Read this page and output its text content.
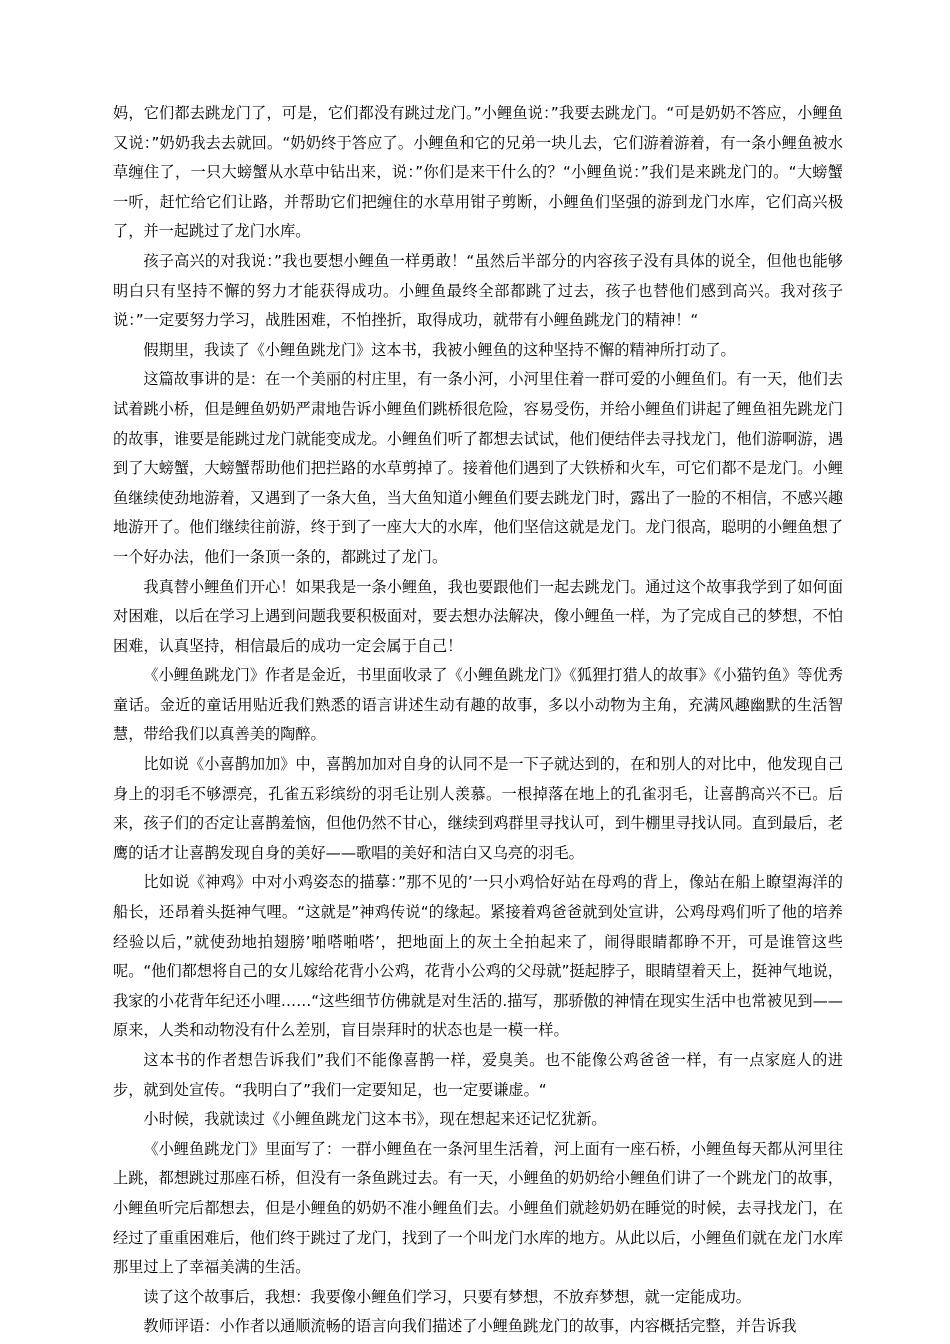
妈，它们都去跳龙门了，可是，它们都没有跳过龙门。”小鲤鱼说：”我要去跳龙门。“可是奶奶不答应，小鲤鱼又说：”奶奶我去去就回。“奶奶终于答应了。小鲤鱼和它的兄弟一块儿去，它们游着游着，有一条小鲤鱼被水草缠住了，一只大螃蟹从水草中钻出来，说：”你们是来干什么的？“小鲤鱼说：”我们是来跳龙门的。“大螃蟹一听，赶忙给它们让路，并帮助它们把缠住的水草用钳子剪断，小鲤鱼们坚强的游到龙门水库，它们高兴极了，并一起跳过了龙门水库。

孩子高兴的对我说：”我也要想小鲤鱼一样勇敢！“虽然后半部分的内容孩子没有具体的说全，但他也能够明白只有坚持不懈的努力才能获得成功。小鲤鱼最终全部都跳了过去，孩子也替他们感到高兴。我对孩子说：”一定要努力学习，战胜困难，不怕挫折，取得成功，就带有小鲤鱼跳龙门的精神！“

假期里，我读了《小鲤鱼跳龙门》这本书，我被小鲤鱼的这种坚持不懈的精神所打动了。

这篇故事讲的是：在一个美丽的村庄里，有一条小河，小河里住着一群可爱的小鲤鱼们。有一天，他们去试着跳小桥，但是鲤鱼奶奶严肃地告诉小鲤鱼们跳桥很危险，容易受伤，并给小鲤鱼们讲起了鲤鱼祖先跳龙门的故事，谁要是能跳过龙门就能变成龙。小鲤鱼们听了都想去试试，他们便结伴去寻找龙门，他们游啊游，遇到了大螃蟹，大螃蟹帮助他们把拦路的水草剪掉了。接着他们遇到了大铁桥和火车，可它们都不是龙门。小鲤鱼继续使劲地游着，又遇到了一条大鱼，当大鱼知道小鲤鱼们要去跳龙门时，露出了一脸的不相信，不感兴趣地游开了。他们继续往前游，终于到了一座大大的水库，他们坚信这就是龙门。龙门很高，聪明的小鲤鱼想了一个好办法，他们一条顶一条的，都跳过了龙门。

我真替小鲤鱼们开心！如果我是一条小鲤鱼，我也要跟他们一起去跳龙门。通过这个故事我学到了如何面对困难，以后在学习上遇到问题我要积极面对，要去想办法解决，像小鲤鱼一样，为了完成自己的梦想，不怕困难，认真坚持，相信最后的成功一定会属于自己！

《小鲤鱼跳龙门》作者是金近，书里面收录了《小鲤鱼跳龙门》《狐狸打猎人的故事》《小猫钓鱼》等优秀童话。金近的童话用贴近我们熟悉的语言讲述生动有趣的故事，多以小动物为主角，充满风趣幽默的生活智慧，带给我们以真善美的陶醉。

比如说《小喜鹊加加》中，喜鹊加加对自身的认同不是一下子就达到的，在和别人的对比中，他发现自己身上的羽毛不够漂亮，孔雀五彩缤纷的羽毛让别人羡慕。一根掉落在地上的孔雀羽毛，让喜鹊高兴不已。后来，孩子们的否定让喜鹊羞恼，但他仍然不甘心，继续到鸡群里寻找认可，到牛棚里寻找认同。直到最后，老鹰的话才让喜鹊发现自身的美好——歌唱的美好和洁白又乌亮的羽毛。

比如说《神鸡》中对小鸡姿态的描摹：”那不见的’一只小鸡恰好站在母鸡的背上，像站在船上瞭望海洋的船长，还昂着头挺神气哩。“这就是”神鸡传说“的缘起。紧接着鸡爸爸就到处宣讲，公鸡母鸡们听了他的培养经验以后，”就使劲地拍翅膀’啪嗒啪嗒’，把地面上的灰土全拍起来了，闹得眼睛都睁不开，可是谁管这些呢。“他们都想将自己的女儿嫁给花背小公鸡，花背小公鸡的父母就”挺起脖子，眼睛望着天上，挺神气地说，我家的小花背年纪还小哩……“这些细节仿佛就是对生活的.描写，那骄傲的神情在现实生活中也常被见到——原来，人类和动物没有什么差别，盲目崇拜时的状态也是一模一样。

这本书的作者想告诉我们”我们不能像喜鹊一样，爱臭美。也不能像公鸡爸爸一样，有一点家庭人的进步，就到处宣传。“我明白了”我们一定要知足，也一定要谦虚。“

小时候，我就读过《小鲤鱼跳龙门这本书》，现在想起来还记忆犹新。

《小鲤鱼跳龙门》里面写了：一群小鲤鱼在一条河里生活着，河上面有一座石桥，小鲤鱼每天都从河里往上跳，都想跳过那座石桥，但没有一条鱼跳过去。有一天，小鲤鱼的奶奶给小鲤鱼们讲了一个跳龙门的故事，小鲤鱼听完后都想去，但是小鲤鱼的奶奶不准小鲤鱼们去。小鲤鱼们就趁奶奶在睡觉的时候，去寻找龙门，在经过了重重困难后，他们终于跳过了龙门，找到了一个叫龙门水库的地方。从此以后，小鲤鱼们就在龙门水库那里过上了幸福美满的生活。

读了这个故事后，我想：我要像小鲤鱼们学习，只要有梦想，不放弃梦想，就一定能成功。

教师评语：小作者以通顺流畅的语言向我们描述了小鲤鱼跳龙门的故事，内容概括完整，并告诉我
